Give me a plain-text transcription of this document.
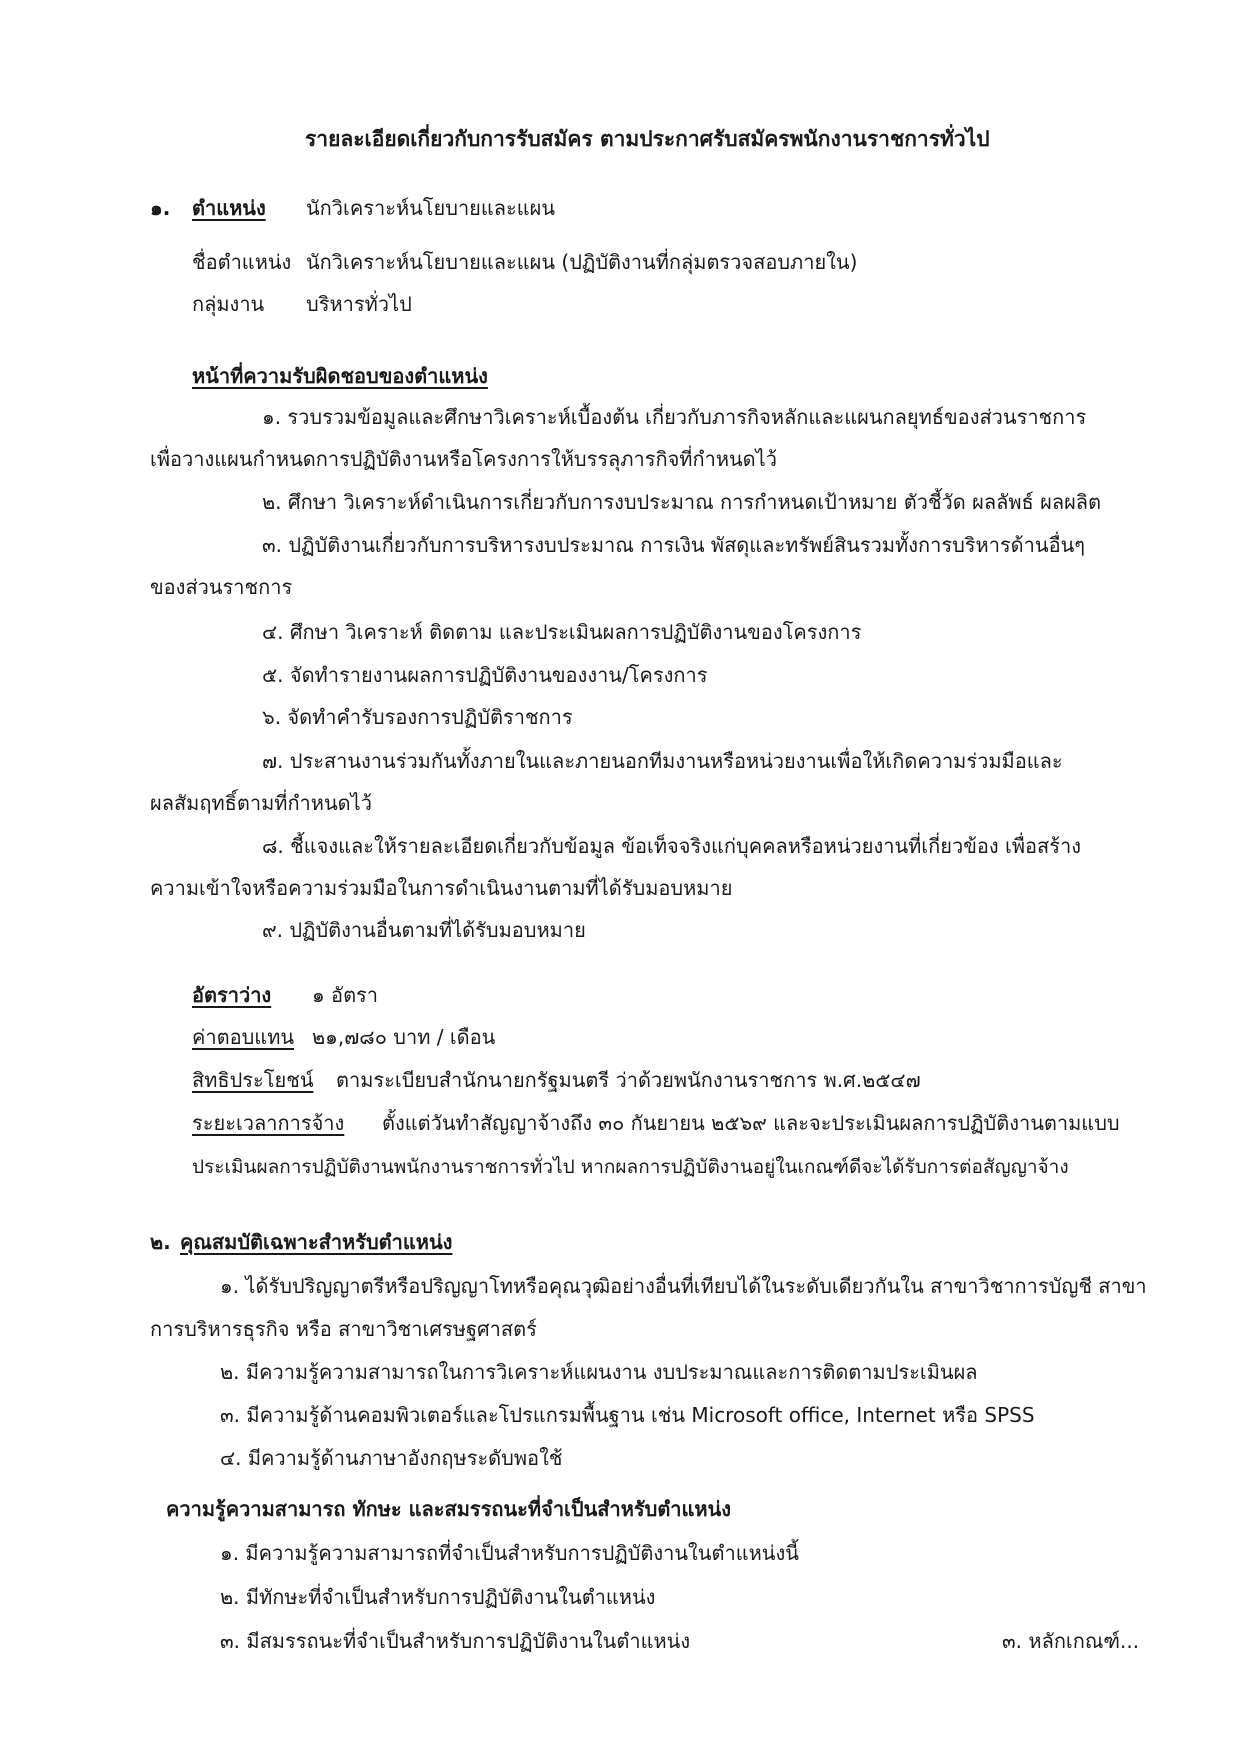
รายละเอียดเกี่ยวกับการรับสมัคร ตามประกาศรับสมัครพนักงานราชการทั่วไป
๑. ตำแหน่ง นักวิเคราะห์นโยบายและแผน
ชื่อตำแหน่ง นักวิเคราะห์นโยบายและแผน (ปฏิบัติงานที่กลุ่มตรวจสอบภายใน)
กลุ่มงาน บริหารทั่วไป
หน้าที่ความรับผิดชอบของตำแหน่ง
๑. รวบรวมข้อมูลและศึกษาวิเคราะห์เบื้องต้น เกี่ยวกับภารกิจหลักและแผนกลยุทธ์ของส่วนราชการ
เพื่อวางแผนกำหนดการปฏิบัติงานหรือโครงการให้บรรลุภารกิจที่กำหนดไว้
๒. ศึกษา วิเคราะห์ดำเนินการเกี่ยวกับการงบประมาณ การกำหนดเป้าหมาย ตัวชี้วัด ผลลัพธ์ ผลผลิต
๓. ปฏิบัติงานเกี่ยวกับการบริหารงบประมาณ การเงิน พัสดุและทรัพย์สินรวมทั้งการบริหารด้านอื่นๆ
ของส่วนราชการ
๔. ศึกษา วิเคราะห์ ติดตาม และประเมินผลการปฏิบัติงานของโครงการ
๕. จัดทำรายงานผลการปฏิบัติงานของงาน/โครงการ
๖. จัดทำคำรับรองการปฏิบัติราชการ
๗. ประสานงานร่วมกันทั้งภายในและภายนอกทีมงานหรือหน่วยงานเพื่อให้เกิดความร่วมมือและ
ผลสัมฤทธิ์ตามที่กำหนดไว้
๘. ชี้แจงและให้รายละเอียดเกี่ยวกับข้อมูล ข้อเท็จจริงแก่บุคคลหรือหน่วยงานที่เกี่ยวข้อง เพื่อสร้าง
ความเข้าใจหรือความร่วมมือในการดำเนินงานตามที่ได้รับมอบหมาย
๙. ปฏิบัติงานอื่นตามที่ได้รับมอบหมาย
อัตราว่าง ๑ อัตรา
ค่าตอบแทน ๒๑,๗๘๐ บาท / เดือน
สิทธิประโยชน์ ตามระเบียบสำนักนายกรัฐมนตรี ว่าด้วยพนักงานราชการ พ.ศ.๒๕๔๗
ระยะเวลาการจ้าง ตั้งแต่วันทำสัญญาจ้างถึง ๓๐ กันยายน ๒๕๖๙ และจะประเมินผลการปฏิบัติงานตามแบบ
ประเมินผลการปฏิบัติงานพนักงานราชการทั่วไป หากผลการปฏิบัติงานอยู่ในเกณฑ์ดีจะได้รับการต่อสัญญาจ้าง
๒. คุณสมบัติเฉพาะสำหรับตำแหน่ง
๑. ได้รับปริญญาตรีหรือปริญญาโทหรือคุณวุฒิอย่างอื่นที่เทียบได้ในระดับเดียวกันใน สาขาวิชาการบัญชี สาขา
การบริหารธุรกิจ หรือ สาขาวิชาเศรษฐศาสตร์
๒. มีความรู้ความสามารถในการวิเคราะห์แผนงาน งบประมาณและการติดตามประเมินผล
๓. มีความรู้ด้านคอมพิวเตอร์และโปรแกรมพื้นฐาน เช่น Microsoft office, Internet หรือ SPSS
๔. มีความรู้ด้านภาษาอังกฤษระดับพอใช้
ความรู้ความสามารถ ทักษะ และสมรรถนะที่จำเป็นสำหรับตำแหน่ง
๑. มีความรู้ความสามารถที่จำเป็นสำหรับการปฏิบัติงานในตำแหน่งนี้
๒. มีทักษะที่จำเป็นสำหรับการปฏิบัติงานในตำแหน่ง
๓. มีสมรรถนะที่จำเป็นสำหรับการปฏิบัติงานในตำแหน่ง	๓. หลักเกณฑ์...
